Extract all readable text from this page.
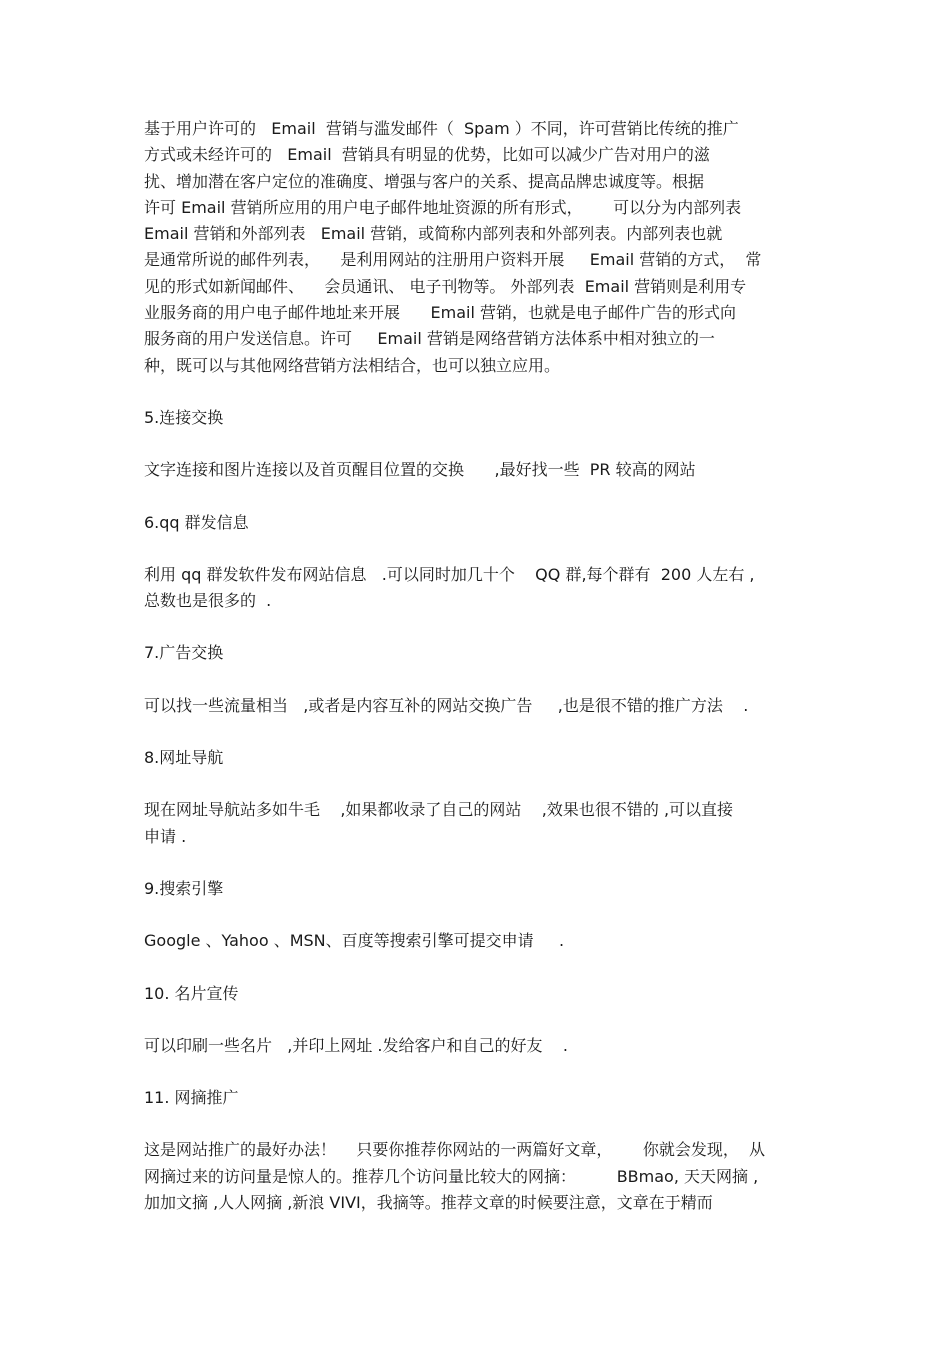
基于用户许可的   Email  营销与滥发邮件（  Spam ）不同，许可营销比传统的推广
方式或未经许可的   Email  营销具有明显的优势，比如可以减少广告对用户的滋
扰、增加潜在客户定位的准确度、增强与客户的关系、提高品牌忠诚度等。根据
许可 Email 营销所应用的用户电子邮件地址资源的所有形式，      可以分为内部列表
Email 营销和外部列表   Email 营销，或简称内部列表和外部列表。内部列表也就
是通常所说的邮件列表，    是利用网站的注册用户资料开展     Email 营销的方式，  常
见的形式如新闻邮件、    会员通讯、 电子刊物等。 外部列表  Email 营销则是利用专
业服务商的用户电子邮件地址来开展      Email 营销，也就是电子邮件广告的形式向
服务商的用户发送信息。许可     Email 营销是网络营销方法体系中相对独立的一
种，既可以与其他网络营销方法相结合，也可以独立应用。
5.连接交换
文字连接和图片连接以及首页醒目位置的交换      ,最好找一些  PR 较高的网站
6.qq 群发信息
利用 qq 群发软件发布网站信息   .可以同时加几十个    QQ 群,每个群有  200 人左右 ,
总数也是很多的  .
7.广告交换
可以找一些流量相当   ,或者是内容互补的网站交换广告     ,也是很不错的推广方法    .
8.网址导航
现在网址导航站多如牛毛    ,如果都收录了自己的网站    ,效果也很不错的 ,可以直接
申请 .
9.搜索引擎
Google 、Yahoo 、MSN、百度等搜索引擎可提交申请     .
10. 名片宣传
可以印刷一些名片   ,并印上网址 .发给客户和自己的好友    .
11. 网摘推广
这是网站推广的最好办法！    只要你推荐你网站的一两篇好文章，      你就会发现，  从
网摘过来的访问量是惊人的。推荐几个访问量比较大的网摘：        BBmao, 天天网摘 ,
加加文摘 ,人人网摘 ,新浪 VIVI，我摘等。推荐文章的时候要注意，文章在于精而
